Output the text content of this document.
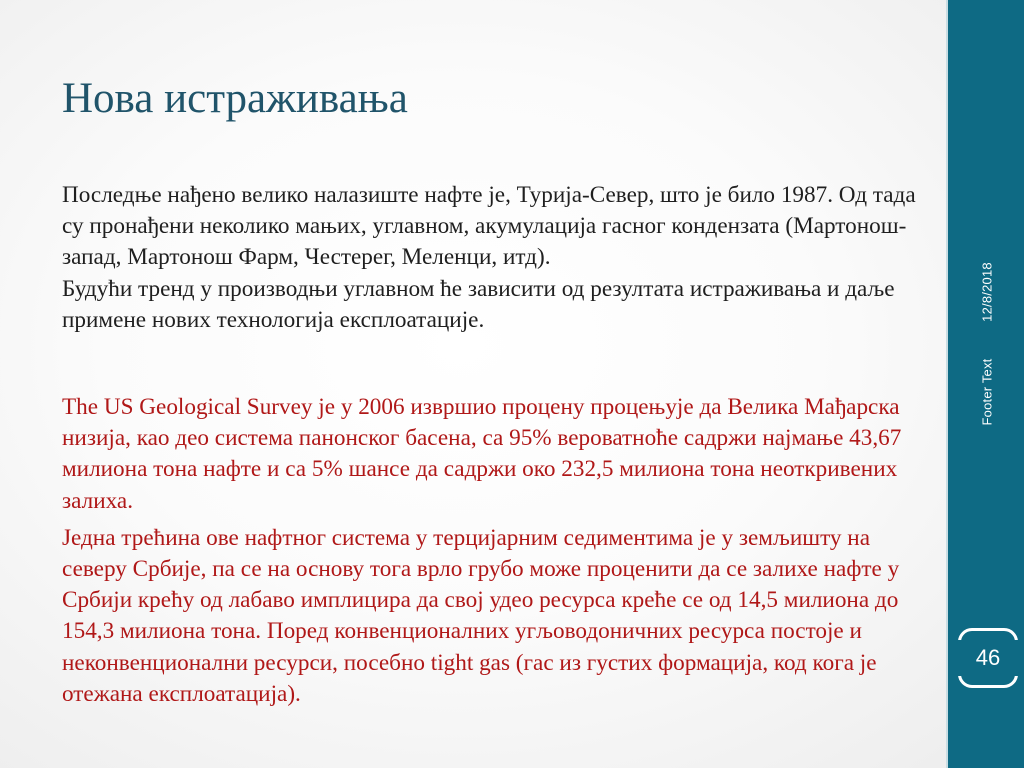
Нова истраживања

Последње нађено велико налазиште нафте је, Турија-Север, што је било 1987. Од тада су пронађени неколико мањих, углавном, акумулација гасног кондензата (Мартонош-запад, Мартонош Фарм, Честерег, Меленци, итд).

Будући тренд у производњи углавном ће зависити од резултата истраживања и даље примене нових технологија експлоатације.

The US Geological Survey је у 2006 извршио процену процењује да Велика Мађарска низија, као део система панонског басена, са 95% вероватноће садржи најмање 43,67 милиона тона нафте и са 5% шансе да садржи око 232,5 милиона тона неоткривених залиха.

Једна трећина ове нафтног система у терцијарним седиментима је у земљишту на северу Србије, па се на основу тога врло грубо може проценити да се залихе нафте у Србији крећу од лабаво имплицира да свој удео ресурса креће се од 14,5 милиона до 154,3 милиона тона. Поред конвенционалних угљоводоничних ресурса постоје и неконвенционални ресурси, посебно tight gas (гас из густих формација, код кога је отежана експлоатација).

12/8/2018
Footer Text
46
